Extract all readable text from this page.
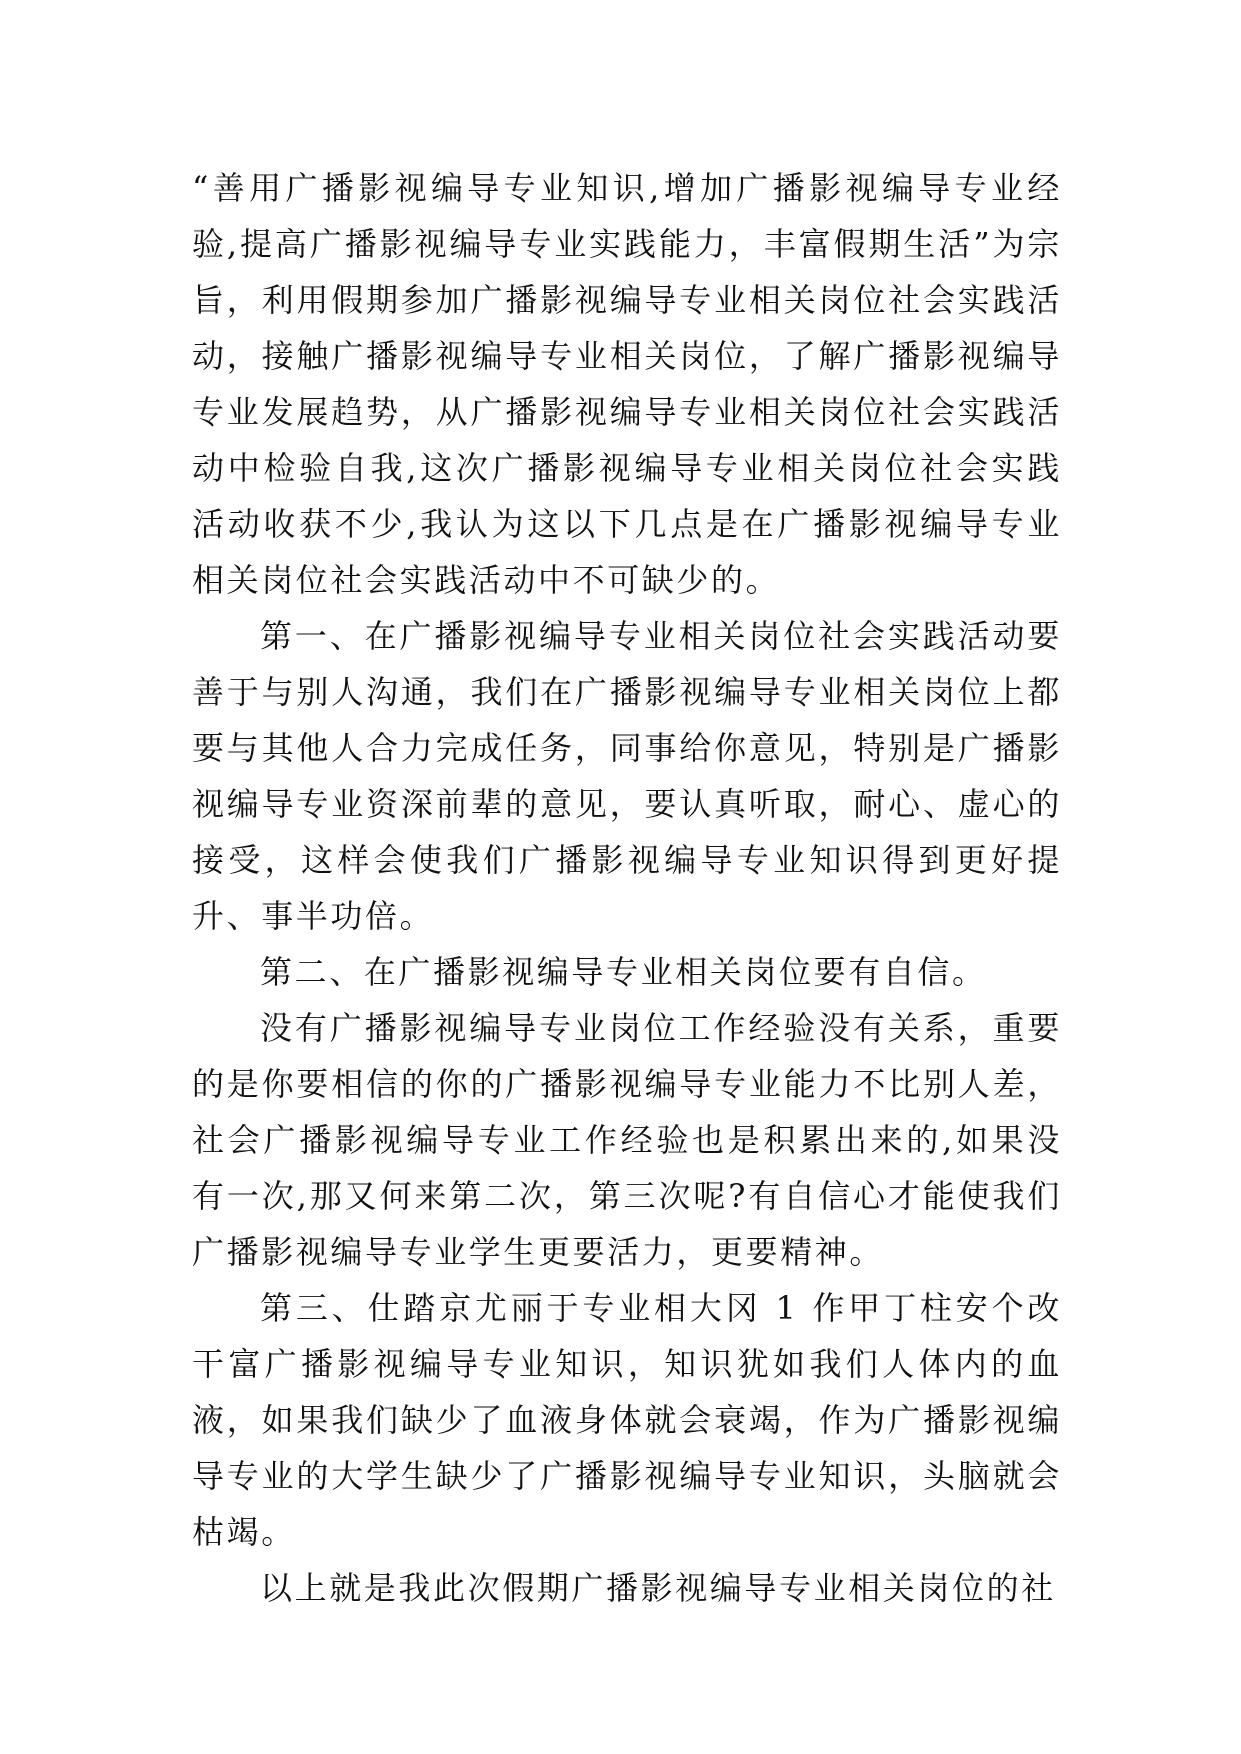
“善用广播影视编导专业知识,增加广播影视编导专业经验,提高广播影视编导专业实践能力，丰富假期生活”为宗旨，利用假期参加广播影视编导专业相关岗位社会实践活动，接触广播影视编导专业相关岗位，了解广播影视编导专业发展趋势，从广播影视编导专业相关岗位社会实践活动中检验自我,这次广播影视编导专业相关岗位社会实践活动收获不少,我认为这以下几点是在广播影视编导专业相关岗位社会实践活动中不可缺少的。

第一、在广播影视编导专业相关岗位社会实践活动要善于与别人沟通，我们在广播影视编导专业相关岗位上都要与其他人合力完成任务，同事给你意见，特别是广播影视编导专业资深前辈的意见，要认真听取，耐心、虚心的接受，这样会使我们广播影视编导专业知识得到更好提升、事半功倍。

第二、在广播影视编导专业相关岗位要有自信。

没有广播影视编导专业岗位工作经验没有关系，重要的是你要相信的你的广播影视编导专业能力不比别人差，社会广播影视编导专业工作经验也是积累出来的,如果没有一次,那又何来第二次，第三次呢?有自信心才能使我们广播影视编导专业学生更要活力，更要精神。

第三、仕踏京尤丽于专业相大冈 1 作甲丁柱安个改干富广播影视编导专业知识，知识犹如我们人体内的血液，如果我们缺少了血液身体就会衰竭，作为广播影视编导专业的大学生缺少了广播影视编导专业知识，头脑就会枯竭。

以上就是我此次假期广播影视编导专业相关岗位的社
